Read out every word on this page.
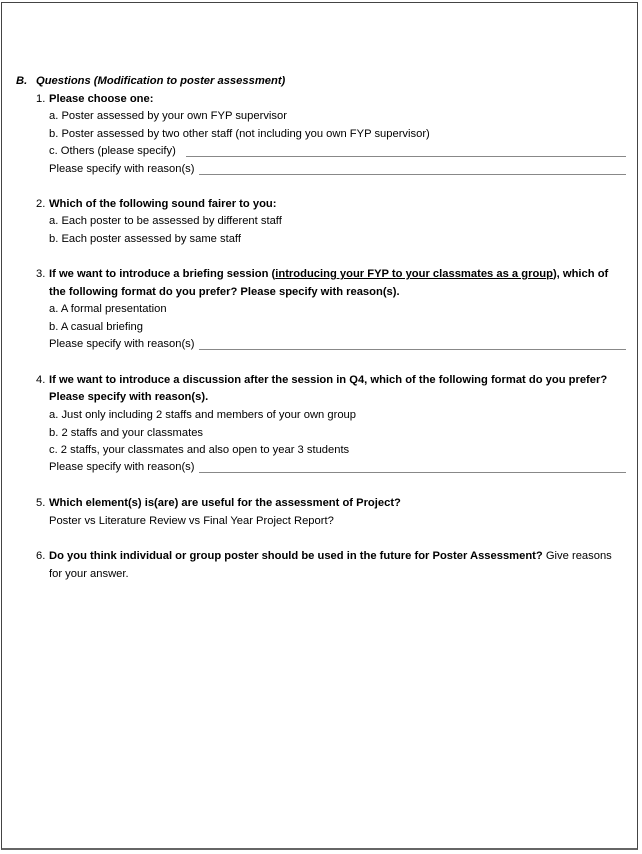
B. Questions (Modification to poster assessment)
1. Please choose one:
a. Poster assessed by your own FYP supervisor
b. Poster assessed by two other staff (not including you own FYP supervisor)
c. Others (please specify)
Please specify with reason(s)
2. Which of the following sound fairer to you:
a. Each poster to be assessed by different staff
b. Each poster assessed by same staff
3. If we want to introduce a briefing session (introducing your FYP to your classmates as a group), which of
the following format do you prefer? Please specify with reason(s).
a. A formal presentation
b. A casual briefing
Please specify with reason(s)
4. If we want to introduce a discussion after the session in Q4, which of the following format do you prefer?
Please specify with reason(s).
a. Just only including 2 staffs and members of your own group
b. 2 staffs and your classmates
c. 2 staffs, your classmates and also open to year 3 students
Please specify with reason(s)
5. Which element(s) is(are) are useful for the assessment of Project?
Poster vs Literature Review vs Final Year Project Report?
6. Do you think individual or group poster should be used in the future for Poster Assessment? Give reasons
for your answer.
